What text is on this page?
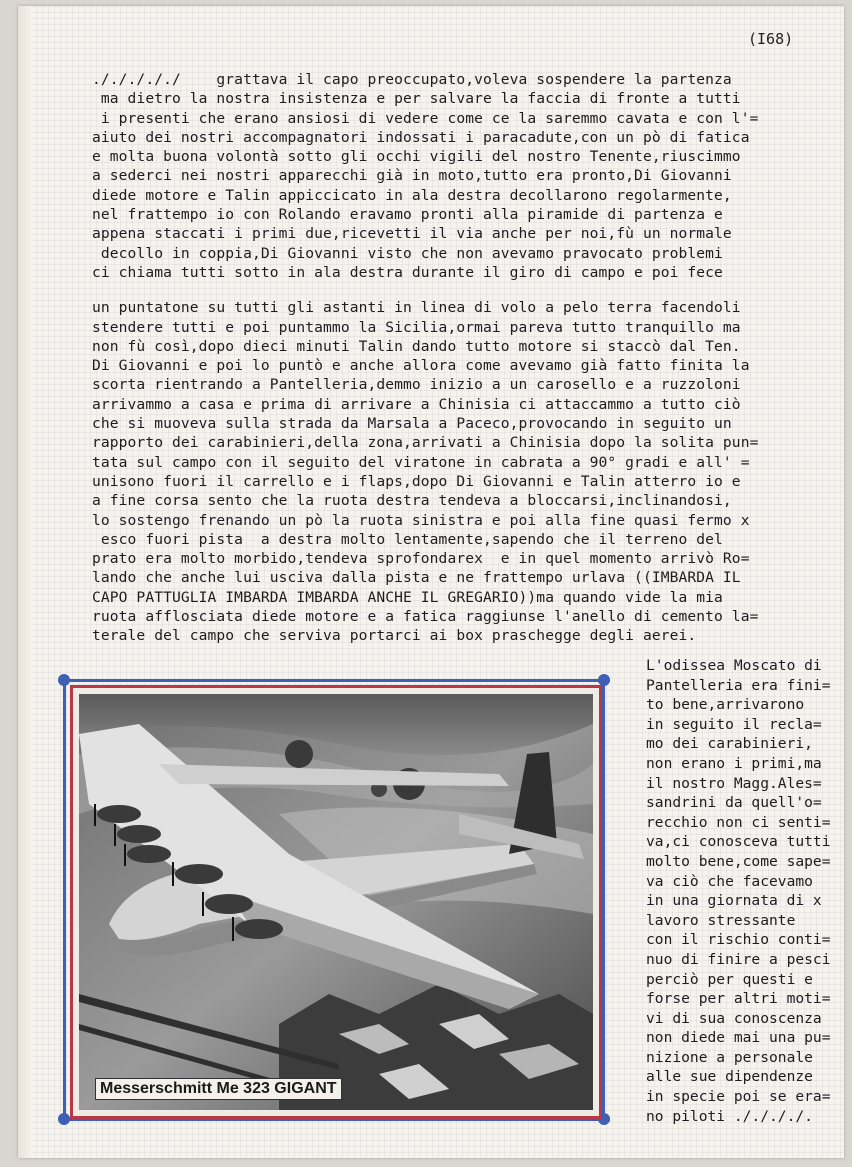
(I68)
./././././    grattava il capo preoccupato,voleva sospendere la partenza
ma dietro la nostra insistenza e per salvare la faccia di fronte a tutti
i presenti che erano ansiosi di vedere come ce la saremmo cavata e con l'=
aiuto dei nostri accompagnatori indossati i paracadute,con un pò di fatica
e molta buona volontà sotto gli occhi vigili del nostro Tenente,riuscimmo
a sederci nei nostri apparecchi già in moto,tutto era pronto,Di Giovanni
diede motore e Talin appiccicato in ala destra decollarono regolarmente,
nel frattempo io con Rolando eravamo pronti alla piramide di partenza e
appena staccati i primi due,ricevetti il via anche per noi,fù un normale
decollo in coppia,Di Giovanni visto che non avevamo pravocato problemi
ci chiama tutti sotto in ala destra durante il giro di campo e poi fece
un puntatone su tutti gli astanti in linea di volo a pelo terra facendoli
stendere tutti e poi puntammo la Sicilia,ormai pareva tutto tranquillo ma
non fù così,dopo dieci minuti Talin dando tutto motore si staccò dal Ten.
Di Giovanni e poi lo puntò e anche allora come avevamo già fatto finita la
scorta rientrando a Pantelleria,demmo inizio a un carosello e a ruzzoloni
arrivammo a casa e prima di arrivare a Chinisia ci attaccammo a tutto ciò
che si muoveva sulla strada da Marsala a Paceco,provocando in seguito un
rapporto dei carabinieri,della zona,arrivati a Chinisia dopo la solita pun=
tata sul campo con il seguito del viratone in cabrata a 90° gradi e all' =
unisono fuori il carrello e i flaps,dopo Di Giovanni e Talin atterro io e
a fine corsa sento che la ruota destra tendeva a bloccarsi,inclinandosi,
lo sostengo frenando un pò la ruota sinistra e poi alla fine quasi fermo x
esco fuori pista  a destra molto lentamente,sapendo che il terreno del
prato era molto morbido,tendeva sprofondarex  e in quel momento arrivò Ro=
lando che anche lui usciva dalla pista e ne frattempo urlava ((IMBARDA IL
CAPO PATTUGLIA IMBARDA IMBARDA ANCHE IL GREGARIO))ma quando vide la mia
ruota afflosciata diede motore e a fatica raggiunse l'anello di cemento la=
terale del campo che serviva portarci ai box praschegge degli aerei.
L'odissea Moscato di
Pantelleria era fini=
to bene,arrivarono
in seguito il recla=
mo dei carabinieri,
non erano i primi,ma
il nostro Magg.Ales=
sandrini da quell'o=
recchio non ci senti=
va,ci conosceva tutti
molto bene,come sape=
va ciò che facevamo
in una giornata di x
lavoro stressante
con il rischio conti=
nuo di finire a pesci
perciò per questi e
forse per altri moti=
vi di sua conoscenza
non diede mai una pu=
nizione a personale
alle sue dipendenze
in specie poi se era=
no piloti ././././.
Messerschmitt Me 323 GIGANT
